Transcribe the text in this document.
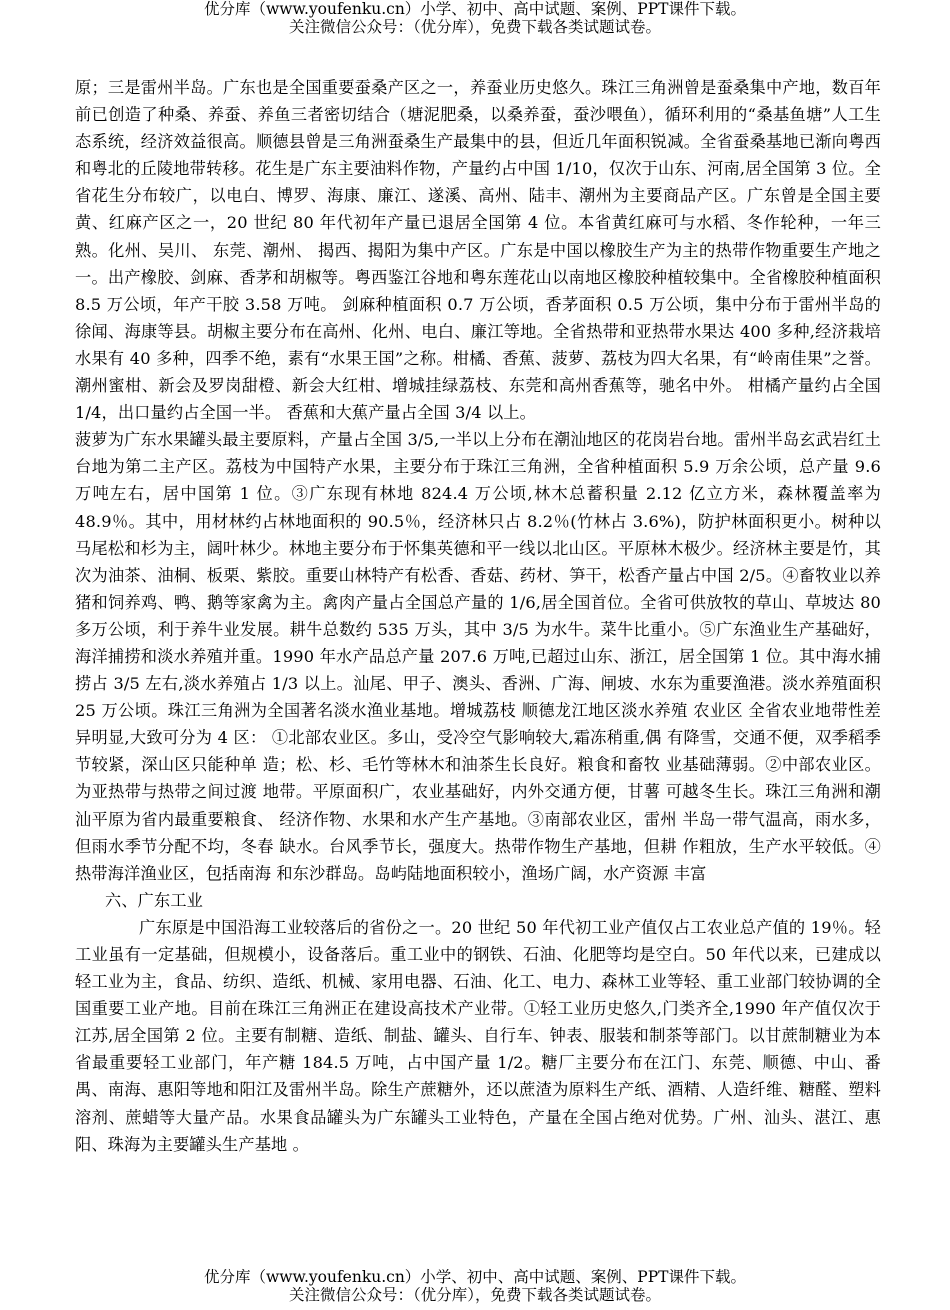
优分库（www.youfenku.cn）小学、初中、高中试题、案例、PPT课件下载。
关注微信公众号：（优分库），免费下载各类试题试卷。

原；三是雷州半岛。广东也是全国重要蚕桑产区之一，养蚕业历史悠久。珠江三角洲曾是蚕桑集中产地，数百年前已创造了种桑、养蚕、养鱼三者密切结合（塘泥肥桑，以桑养蚕，蚕沙喂鱼），循环利用的“桑基鱼塘”人工生态系统，经济效益很高。顺德县曾是三角洲蚕桑生产最集中的县，但近几年面积锐减。全省蚕桑基地已渐向粤西和粤北的丘陵地带转移。花生是广东主要油料作物，产量约占中国 1/10，仅次于山东、河南,居全国第 3 位。全省花生分布较广，以电白、博罗、海康、廉江、遂溪、高州、陆丰、潮州为主要商品产区。广东曾是全国主要黄、红麻产区之一，20 世纪 80 年代初年产量已退居全国第 4 位。本省黄红麻可与水稻、冬作轮种，一年三熟。化州、吴川、 东莞、潮州、 揭西、揭阳为集中产区。广东是中国以橡胶生产为主的热带作物重要生产地之一。出产橡胶、剑麻、香茅和胡椒等。粤西鉴江谷地和粤东莲花山以南地区橡胶种植较集中。全省橡胶种植面积 8.5 万公顷，年产干胶 3.58 万吨。 剑麻种植面积 0.7 万公顷，香茅面积 0.5 万公顷，集中分布于雷州半岛的徐闻、海康等县。胡椒主要分布在高州、化州、电白、廉江等地。全省热带和亚热带水果达 400 多种,经济栽培水果有 40 多种，四季不绝，素有“水果王国”之称。柑橘、香蕉、菠萝、荔枝为四大名果，有“岭南佳果”之誉。潮州蜜柑、新会及罗岗甜橙、新会大红柑、增城挂绿荔枝、东莞和高州香蕉等，驰名中外。 柑橘产量约占全国 1/4，出口量约占全国一半。 香蕉和大蕉产量占全国 3/4 以上。

菠萝为广东水果罐头最主要原料，产量占全国 3/5,一半以上分布在潮汕地区的花岗岩台地。雷州半岛玄武岩红土台地为第二主产区。荔枝为中国特产水果，主要分布于珠江三角洲，全省种植面积 5.9 万余公顷，总产量 9.6 万吨左右，居中国第 1 位。③广东现有林地 824.4 万公顷,林木总蓄积量 2.12 亿立方米，森林覆盖率为 48.9％。其中，用材林约占林地面积的 90.5％，经济林只占 8.2％(竹林占 3.6%)，防护林面积更小。树种以马尾松和杉为主，阔叶林少。林地主要分布于怀集英德和平一线以北山区。平原林木极少。经济林主要是竹，其次为油茶、油桐、板栗、紫胶。重要山林特产有松香、香菇、药材、笋干，松香产量占中国 2/5。④畜牧业以养猪和饲养鸡、鸭、鹅等家禽为主。禽肉产量占全国总产量的 1/6,居全国首位。全省可供放牧的草山、草坡达 80 多万公顷，利于养牛业发展。耕牛总数约 535 万头，其中 3/5 为水牛。菜牛比重小。⑤广东渔业生产基础好，海洋捕捞和淡水养殖并重。1990 年水产品总产量 207.6 万吨,已超过山东、浙江，居全国第 1 位。其中海水捕捞占 3/5 左右,淡水养殖占 1/3 以上。汕尾、甲子、澳头、香洲、广海、闸坡、水东为重要渔港。淡水养殖面积 25 万公顷。珠江三角洲为全国著名淡水渔业基地。增城荔枝 顺德龙江地区淡水养殖 农业区 全省农业地带性差异明显,大致可分为 4 区： ①北部农业区。多山，受冷空气影响较大,霜冻稍重,偶 有降雪，交通不便，双季稻季节较紧，深山区只能种单 造；松、杉、毛竹等林木和油茶生长良好。粮食和畜牧 业基础薄弱。②中部农业区。为亚热带与热带之间过渡 地带。平原面积广，农业基础好，内外交通方便，甘薯 可越冬生长。珠江三角洲和潮汕平原为省内最重要粮食、 经济作物、水果和水产生产基地。③南部农业区，雷州 半岛一带气温高，雨水多，但雨水季节分配不均，冬春 缺水。台风季节长，强度大。热带作物生产基地，但耕 作粗放，生产水平较低。④热带海洋渔业区，包括南海 和东沙群岛。岛屿陆地面积较小，渔场广阔，水产资源 丰富

六、广东工业

广东原是中国沿海工业较落后的省份之一。20 世纪 50 年代初工业产值仅占工农业总产值的 19％。轻工业虽有一定基础，但规模小，设备落后。重工业中的钢铁、石油、化肥等均是空白。50 年代以来，已建成以轻工业为主，食品、纺织、造纸、机械、家用电器、石油、化工、电力、森林工业等轻、重工业部门较协调的全国重要工业产地。目前在珠江三角洲正在建设高技术产业带。①轻工业历史悠久,门类齐全,1990 年产值仅次于江苏,居全国第 2 位。主要有制糖、造纸、制盐、罐头、自行车、钟表、服装和制茶等部门。以甘蔗制糖业为本省最重要轻工业部门，年产糖 184.5 万吨，占中国产量 1/2。糖厂主要分布在江门、东莞、顺德、中山、番禺、南海、惠阳等地和阳江及雷州半岛。除生产蔗糖外，还以蔗渣为原料生产纸、酒精、人造纤维、糖醛、塑料溶剂、蔗蜡等大量产品。水果食品罐头为广东罐头工业特色，产量在全国占绝对优势。广州、汕头、湛江、惠阳、珠海为主要罐头生产基地 。

优分库（www.youfenku.cn）小学、初中、高中试题、案例、PPT课件下载。
关注微信公众号：（优分库），免费下载各类试题试卷。
